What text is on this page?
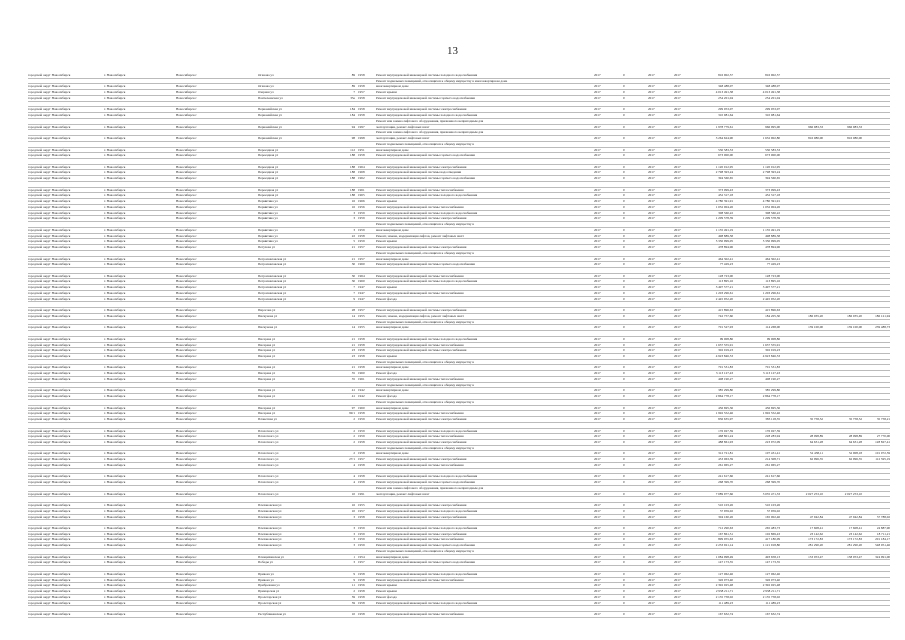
13
городской округ Новосибирск	г. Новосибирск	Новосибирск г	Оганова ул	89 1958	Ремонт внутридомовой инженерной системы холодного водоснабжения	2017	0	2017	2017	816 902,57	816 902,57
Ремонт подвальных помещений, относящихся к общему имуществу в многоквартирном доме
городской округ Новосибирск	г. Новосибирск	Новосибирск г	Оганова ул	89 1958	многоквартирном доме	2017	0	2017	2017	348 488,07	348 488,07
городской округ Новосибирск	г. Новосибирск	Новосибирск г	Озерная ул	7 1957	Ремонт крыши	2017	0	2017	2017	4 013 491,38	4 013 491,38
городской округ Новосибирск	г. Новосибирск	Новосибирск г	Пантелеевская ул	35а 1958	Ремонт внутридомовой инженерной системы горячего водоснабжения	2017	0	2017	2017	254 201,04	254 201,04
городской округ Новосибирск	г. Новосибирск	Новосибирск г	Первомайская ул	184 1958	Ремонт внутридомовой инженерной системы электроснабжения	2017	0	2017	2017	299 053,07	299 053,07
городской округ Новосибирск	г. Новосибирск	Новосибирск г	Первомайская ул	184 1958	Ремонт внутридомовой инженерной системы холодного водоснабжения	2017	0	2017	2017	310 981,64	310 981,64
Ремонт или замена лифтового оборудования, признанного непригодным для
городской округ Новосибирск	г. Новосибирск	Новосибирск г	Первомайская ул	94 1997	эксплуатации, ремонт лифтовых шахт	2017	0	2017	2017	1 978 779,61	966 995,00	966 983,33	966 983,33
Ремонт или замена лифтового оборудования, признанного непригодным для
городской округ Новосибирск	г. Новосибирск	Новосибирск г	Первомайская ул	98 1998	эксплуатации, ремонт лифтовых шахт	2017	0	2017	2017	3 264 624,90	1 632 902,80	816 080,00	816 080,00
Ремонт подвальных помещений, относящихся к общему имуществу в
городской округ Новосибирск	г. Новосибирск	Новосибирск г	Переездная ул	112 1951	многоквартирном доме	2017	0	2017	2017	530 583,53	530 583,53
городской округ Новосибирск	г. Новосибирск	Новосибирск г	Переездная ул	188 1958	Ремонт внутридомовой инженерной системы горячего водоснабжения	2017	0	2017	2017	673 000,00	673 000,00
городской округ Новосибирск	г. Новосибирск	Новосибирск г	Переездная ул	188 1964	Ремонт внутридомовой инженерной системы электроснабжения	2017	0	2017	2017	1 120 012,95	1 120 012,95
городской округ Новосибирск	г. Новосибирск	Новосибирск г	Переездная ул	188 1968	Ремонт внутридомовой инженерной системы водоотведения	2017	0	2017	2017	2 798 393,24	2 798 393,24
городской округ Новосибирск	г. Новосибирск	Новосибирск г	Переездная ул	188 1962	Ремонт внутридомовой инженерной системы горячего водоснабжения	2017	0	2017	2017	394 560,65	394 560,65
городской округ Новосибирск	г. Новосибирск	Новосибирск г	Переездная ул	188 1961	Ремонт внутридомовой инженерной системы теплоснабжения	2017	0	2017	2017	373 099,43	373 099,43
городской округ Новосибирск	г. Новосибирск	Новосибирск г	Переездная ул	188 1965	Ремонт внутридомовой инженерной системы холодного водоснабжения	2017	0	2017	2017	452 317,18	452 317,18
городской округ Новосибирск	г. Новосибирск	Новосибирск г	Пермитина ул	16 1966	Ремонт крыши	2017	0	2017	2017	4 780 391,91	4 780 391,91
городской округ Новосибирск	г. Новосибирск	Новосибирск г	Пермитина ул	16 1956	Ремонт внутридомовой инженерной системы теплоснабжения	2017	0	2017	2017	1 032 004,26	1 032 004,26
городской округ Новосибирск	г. Новосибирск	Новосибирск г	Пермитина ул	3 1959	Ремонт внутридомовой инженерной системы холодного водоснабжения	2017	0	2017	2017	308 560,22	308 560,22
городской округ Новосибирск	г. Новосибирск	Новосибирск г	Пермитина ул	3 1959	Ремонт внутридомовой инженерной системы электроснабжения	2017	0	2017	2017	1 209 578,39	1 209 578,39
Ремонт подвальных помещений, относящихся к общему имуществу в
городской округ Новосибирск	г. Новосибирск	Новосибирск г	Пермитина ул	3 1959	многоквартирном доме	2017	0	2017	2017	1 135 491,19	1 135 491,19
городской округ Новосибирск	г. Новосибирск	Новосибирск г	Пермитина ул	22 1958	Ремонт, замена, модернизация лифтов, ремонт лифтовых шахт	2017	0	2017	2017	498 889,58	498 889,58
городской округ Новосибирск	г. Новосибирск	Новосибирск г	Пермитина ул	5 1959	Ремонт крыши	2017	0	2017	2017	5 350 999,05	5 350 999,05
городской округ Новосибирск	г. Новосибирск	Новосибирск г	Петухова ул	21 1957	Ремонт внутридомовой инженерной системы электроснабжения	2017	0	2017	2017	478 894,96	478 894,96
Ремонт подвальных помещений, относящихся к общему имуществу в
городской округ Новосибирск	г. Новосибирск	Новосибирск г	Петропавловская ул	21 1957	многоквартирном доме	2017	0	2017	2017	464 302,41	464 302,41
городской округ Новосибирск	г. Новосибирск	Новосибирск г	Петропавловская ул	30 1960	Ремонт внутридомовой инженерной системы горячего водоснабжения	2017	0	2017	2017	77 429,23	77 429,23
городской округ Новосибирск	г. Новосибирск	Новосибирск г	Петропавловская ул	30 1964	Ремонт внутридомовой инженерной системы теплоснабжения	2017	0	2017	2017	128 723,00	128 723,00
городской округ Новосибирск	г. Новосибирск	Новосибирск г	Петропавловская ул	30 1960	Ремонт внутридомовой инженерной системы холодного водоснабжения	2017	0	2017	2017	113 895,16	113 895,16
городской округ Новосибирск	г. Новосибирск	Новосибирск г	Петропавловская ул	7 1947	Ремонт крыши	2017	0	2017	2017	3 497 577,21	3 497 577,21
городской округ Новосибирск	г. Новосибирск	Новосибирск г	Петропавловская ул	7 1947	Ремонт внутридомовой инженерной системы теплоснабжения	2017	0	2017	2017	1 203 296,61	1 203 296,61
городской округ Новосибирск	г. Новосибирск	Новосибирск г	Петропавловская ул	9 1947	Ремонт фасада	2017	0	2017	2017	2 445 952,20	2 445 952,20
городской округ Новосибирск	г. Новосибирск	Новосибирск г	Пирогова ул	28 1957	Ремонт внутридомовой инженерной системы электроснабжения	2017	0	2017	2017	415 896,63	415 896,63
городской округ Новосибирск	г. Новосибирск	Новосибирск г	Пискунова ул	14 1955	Ремонт, замена, модернизация лифтов, ремонт лифтовых шахт	2017	0	2017	2017	742 757,60	184 205,30	186 035,20	186 035,20	186 121,94
Ремонт подвальных помещений, относящихся к общему имуществу в
городской округ Новосибирск	г. Новосибирск	Новосибирск г	Пискунова ул	14 1955	многоквартирном доме	2017	0	2017	2017	701 527,93	114 268,00	139 100,00	139 100,00	239 488,73
городской округ Новосибирск	г. Новосибирск	Новосибирск г	Писарева ул	21 1958	Ремонт внутридомовой инженерной системы холодного водоснабжения	2017	0	2017	2017	99 008,86	99 008,86
городской округ Новосибирск	г. Новосибирск	Новосибирск г	Писарева ул	21 1958	Ремонт внутридомовой инженерной системы теплоснабжения	2017	0	2017	2017	1 637 555,91	1 637 555,91
городской округ Новосибирск	г. Новосибирск	Новосибирск г	Писарева ул	23 1958	Ремонт внутридомовой инженерной системы электроснабжения	2017	0	2017	2017	302 019,23	302 019,23
городской округ Новосибирск	г. Новосибирск	Новосибирск г	Писарева ул	23 1958	Ремонт крыши	2017	0	2017	2017	4 923 846,53	4 923 846,53
Ремонт подвальных помещений, относящихся к общему имуществу в
городской округ Новосибирск	г. Новосибирск	Новосибирск г	Писарева ул	21 1958	многоквартирном доме	2017	0	2017	2017	701 531,83	701 531,83
городской округ Новосибирск	г. Новосибирск	Новосибирск г	Писарева ул	35 1960	Ремонт фасада	2017	0	2017	2017	3 113 127,43	3 113 127,43
городской округ Новосибирск	г. Новосибирск	Новосибирск г	Писарева ул	35 1961	Ремонт внутридомовой инженерной системы теплоснабжения	2017	0	2017	2017	408 190,27	408 190,27
Ремонт подвальных помещений, относящихся к общему имуществу в
городской округ Новосибирск	г. Новосибирск	Новосибирск г	Писарева ул	41 1942	многоквартирном доме	2017	0	2017	2017	385 299,80	385 299,80
городской округ Новосибирск	г. Новосибирск	Новосибирск г	Писарева ул	41 1942	Ремонт фасада	2017	0	2017	2017	2 864 778,17	2 864 778,17
Ремонт подвальных помещений, относящихся к общему имуществу в
городской округ Новосибирск	г. Новосибирск	Новосибирск г	Писарева ул	97 1960	многоквартирном доме	2017	0	2017	2017	456 695,36	456 695,36
городской округ Новосибирск	г. Новосибирск	Новосибирск г	Писарева ул	99/1 1958	Ремонт внутридомовой инженерной системы теплоснабжения	2017	0	2017	2017	1 992 552,46	1 992 552,46
городской округ Новосибирск	г. Новосибирск	Новосибирск г	Планетная ул	2 1959	Ремонт внутридомовой инженерной системы электроснабжения	2017	0	2017	2017	836 635,97	383 118,35	35 758,52	35 758,52	35 758,21
городской округ Новосибирск	г. Новосибирск	Новосибирск г	Плахотного ул	2 1959	Ремонт внутридомовой инженерной системы холодного водоснабжения	2017	0	2017	2017	176 027,59	176 027,59
городской округ Новосибирск	г. Новосибирск	Новосибирск г	Плахотного ул	2 1959	Ремонт внутридомовой инженерной системы теплоснабжения	2017	0	2017	2017	468 801,24	228 283,94	28 098,89	28 098,89	27 770,00
городской округ Новосибирск	г. Новосибирск	Новосибирск г	Плахотного ул	2 1958	Ремонт внутридомовой инженерной системы электроснабжения	2017	0	2017	2017	488 861,93	223 972,09	64 631,28	64 631,28	128 827,41
Ремонт подвальных помещений, относящихся к общему имуществу в
городской округ Новосибирск	г. Новосибирск	Новосибирск г	Плахотного ул	2 1958	многоквартирном доме	2017	0	2017	2017	312 721,81	107 431,41	52 438,11	52 908,18	101 072,59
городской округ Новосибирск	г. Новосибирск	Новосибирск г	Плахотного ул	27/1 1957	Ремонт внутридомовой инженерной системы электроснабжения	2017	0	2017	2017	453 063,39	214 308,71	62 996,35	62 996,35	112 595,19
городской округ Новосибирск	г. Новосибирск	Новосибирск г	Плахотного ул	4 1958	Ремонт внутридомовой инженерной системы теплоснабжения	2017	0	2017	2017	261 965,27	261 965,27
городской округ Новосибирск	г. Новосибирск	Новосибирск г	Плахотного ул	4 1958	Ремонт внутридомовой инженерной системы холодного водоснабжения	2017	0	2017	2017	241 617,66	241 617,66
городской округ Новосибирск	г. Новосибирск	Новосибирск г	Плахотного ул	4 1958	Ремонт внутридомовой инженерной системы горячего водоснабжения	2017	0	2017	2017	268 399,70	268 399,70
Ремонт или замена лифтового оборудования, признанного непригодным для
городской округ Новосибирск	г. Новосибирск	Новосибирск г	Плахотного ул	10 1991	эксплуатации, ремонт лифтовых шахт	2017	0	2017	2017	7 089 977,66	3 035 471,33	2 027 253,10	2 027 253,10
городской округ Новосибирск	г. Новосибирск	Новосибирск г	Плехановская ул	16 1955	Ремонт внутридомовой инженерной системы электроснабжения	2017	0	2017	2017	510 103,26	510 103,26
городской округ Новосибирск	г. Новосибирск	Новосибирск г	Плехановская ул	10 1957	Ремонт внутридомовой инженерной системы холодного водоснабжения	2017	0	2017	2017	57 959,02	57 959,02
городской округ Новосибирск	г. Новосибирск	Новосибирск г	Плехановская ул	3 1958	Ремонт внутридомовой инженерной системы электроснабжения	2017	0	2017	2017	304 160,26	165 002,46	47 942,84	47 942,84	57 788,02
городской округ Новосибирск	г. Новосибирск	Новосибирск г	Плехановская ул	3 1959	Ремонт внутридомовой инженерной системы холодного водоснабжения	2017	0	2017	2017	712 290,63	265 483,73	17 608,41	17 608,41	24 887,90
городской округ Новосибирск	г. Новосибирск	Новосибирск г	Плехановская ул	3 1959	Ремонт внутридомовой инженерной системы электроснабжения	2017	0	2017	2017	167 861,51	102 869,43	23 142,62	23 142,62	18 711,21
городской округ Новосибирск	г. Новосибирск	Новосибирск г	Плехановская ул	3 1959	Ремонт внутридомовой инженерной системы теплоснабжения	2017	0	2017	2017	899 055,63	417 180,09	173 172,83	173 172,83	201 184,17
городской округ Новосибирск	г. Новосибирск	Новосибирск г	Плехановская ул	3 1959	Ремонт внутридомовой инженерной системы горячего водоснабжения	2017	0	2017	2017	2 233 921,14	1 121 918,80	281 290,20	281 290,20	548 051,46
Ремонт подвальных помещений, относящихся к общему имуществу в
городской округ Новосибирск	г. Новосибирск	Новосибирск г	Плющихинская ул	1 1954	многоквартирном доме	2017	0	2017	2017	1 084 998,49	493 658,13	133 053,47	138 053,47	324 991,00
городской округ Новосибирск	г. Новосибирск	Новосибирск г	Победы ул	3 1957	Ремонт внутридомовой инженерной системы горячего водоснабжения	2017	0	2017	2017	147 173,35	147 173,35
городской округ Новосибирск	г. Новосибирск	Новосибирск г	Привокз ул	9 1958	Ремонт внутридомовой инженерной системы холодного водоснабжения	2017	0	2017	2017	127 062,46	127 062,46
городской округ Новосибирск	г. Новосибирск	Новосибирск г	Привокз ул	9 1958	Ремонт внутридомовой инженерной системы теплоснабжения	2017	0	2017	2017	326 073,40	326 073,40
городской округ Новосибирск	г. Новосибирск	Новосибирск г	Прибрежная ул	11 1956	Ремонт крыши	2017	0	2017	2017	2 392 025,48	2 392 025,48
городской округ Новосибирск	г. Новосибирск	Новосибирск г	Приморская ул	2 1958	Ремонт крыши	2017	0	2017	2017	2 938 211,71	2 938 211,71
городской округ Новосибирск	г. Новосибирск	Новосибирск г	Пролетарская ул	59 1958	Ремонт фасада	2017	0	2017	2017	2 135 758,02	2 135 758,02
городской округ Новосибирск	г. Новосибирск	Новосибирск г	Пролетарская ул	59 1958	Ремонт внутридомовой инженерной системы холодного водоснабжения	2017	0	2017	2017	111 489,23	111 489,23
городской округ Новосибирск	г. Новосибирск	Новосибирск г	Республиканская ул	10 1958	Ремонт внутридомовой инженерной системы теплоснабжения	2017	0	2017	2017	167 632,74	167 632,74
